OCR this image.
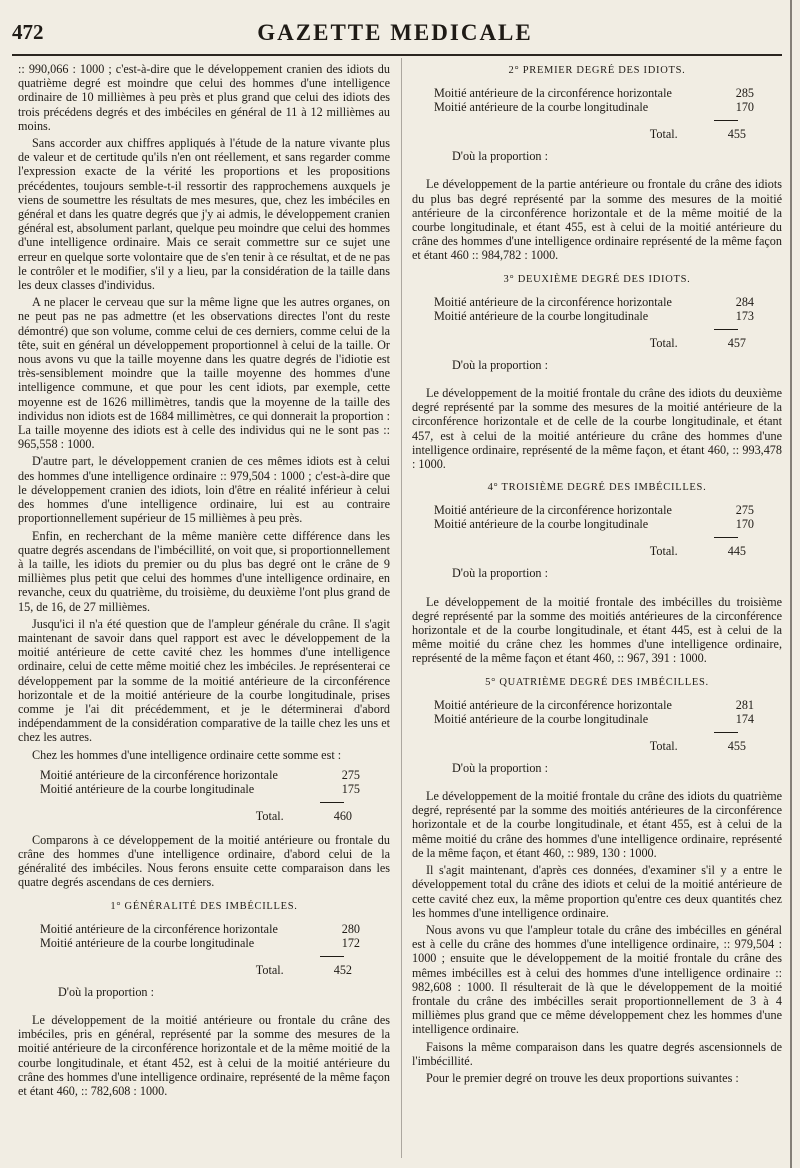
472	GAZETTE MEDICALE

:: 990,066 : 1000 ; c'est-à-dire que le développement cranien des idiots du quatrième degré est moindre que celui des hommes d'une intelligence ordinaire de 10 millièmes à peu près et plus grand que celui des idiots des trois précédens degrés et des imbéciles en général de 11 à 12 millièmes au moins.

Sans accorder aux chiffres appliqués à l'étude de la nature vivante plus de valeur et de certitude qu'ils n'en ont réellement, et sans regarder comme l'expression exacte de la vérité les proportions et les propositions précédentes, toujours semble-t-il ressortir des rapprochemens auxquels je viens de soumettre les résultats de mes mesures, que, chez les imbéciles en général et dans les quatre degrés que j'y ai admis, le développement cranien général est, absolument parlant, quelque peu moindre que celui des hommes d'une intelligence ordinaire. Mais ce serait commettre sur ce sujet une erreur en quelque sorte volontaire que de s'en tenir à ce résultat, et de ne pas le contrôler et le modifier, s'il y a lieu, par la considération de la taille dans les deux classes d'individus.

A ne placer le cerveau que sur la même ligne que les autres organes, on ne peut pas ne pas admettre (et les observations directes l'ont du reste démontré) que son volume, comme celui de ces derniers, comme celui de la tête, suit en général un développement proportionnel à celui de la taille. Or nous avons vu que la taille moyenne dans les quatre degrés de l'idiotie est très-sensiblement moindre que la taille moyenne des hommes d'une intelligence commune, et que pour les cent idiots, par exemple, cette moyenne est de 1626 millimètres, tandis que la moyenne de la taille des individus non idiots est de 1684 millimètres, ce qui donnerait la proportion : La taille moyenne des idiots est à celle des individus qui ne le sont pas :: 965,558 : 1000.

D'autre part, le développement cranien de ces mêmes idiots est à celui des hommes d'une intelligence ordinaire :: 979,504 : 1000 ; c'est-à-dire que le développement cranien des idiots, loin d'être en réalité inférieur à celui des hommes d'une intelligence ordinaire, lui est au contraire proportionnellement supérieur de 15 millièmes à peu près.

Enfin, en recherchant de la même manière cette différence dans les quatre degrés ascendans de l'imbécillité, on voit que, si proportionnellement à la taille, les idiots du premier ou du plus bas degré ont le crâne de 9 millièmes plus petit que celui des hommes d'une intelligence ordinaire, en revanche, ceux du quatrième, du troisième, du deuxième l'ont plus grand de 15, de 16, de 27 millièmes.

Jusqu'ici il n'a été question que de l'ampleur générale du crâne. Il s'agit maintenant de savoir dans quel rapport est avec le développement de la moitié antérieure de cette cavité chez les hommes d'une intelligence ordinaire, celui de cette même moitié chez les imbéciles. Je représenterai ce développement par la somme de la moitié antérieure de la circonférence horizontale et de la moitié antérieure de la courbe longitudinale, prises comme je l'ai dit précédemment, et je le déterminerai d'abord indépendamment de la considération comparative de la taille chez les uns et chez les autres.

Chez les hommes d'une intelligence ordinaire cette somme est :

Moitié antérieure de la circonférence horizontale	275
Moitié antérieure de la courbe longitudinale	175
Total.	460

Comparons à ce développement de la moitié antérieure ou frontale du crâne des hommes d'une intelligence ordinaire, d'abord celui de la généralité des imbéciles. Nous ferons ensuite cette comparaison dans les quatre degrés ascendans de ces derniers.

1° GÉNÉRALITÉ DES IMBÉCILLES.
Moitié antérieure de la circonférence horizontale	280
Moitié antérieure de la courbe longitudinale	172
Total.	452
D'où la proportion :

Le développement de la moitié antérieure ou frontale du crâne des imbéciles, pris en général, représenté par la somme des mesures de la moitié antérieure de la circonférence horizontale et de la même moitié de la courbe longitudinale, et étant 452, est à celui de la moitié antérieure du crâne des hommes d'une intelligence ordinaire, représenté de la même façon et étant 460, :: 782,608 : 1000.

2° PREMIER DEGRÉ DES IDIOTS.
Moitié antérieure de la circonférence horizontale	285
Moitié antérieure de la courbe longitudinale	170
Total.	455
D'où la proportion :

Le développement de la partie antérieure ou frontale du crâne des idiots du plus bas degré représenté par la somme des mesures de la moitié antérieure de la circonférence horizontale et de la même moitié de la courbe longitudinale, et étant 455, est à celui de la moitié antérieure du crâne des hommes d'une intelligence ordinaire représenté de la même façon et étant 460 :: 984,782 : 1000.

3° DEUXIÈME DEGRÉ DES IDIOTS.
Moitié antérieure de la circonférence horizontale	284
Moitié antérieure de la courbe longitudinale	173
Total.	457
D'où la proportion :

Le développement de la moitié frontale du crâne des idiots du deuxième degré représenté par la somme des mesures de la moitié antérieure de la circonférence horizontale et de celle de la courbe longitudinale, et étant 457, est à celui de la moitié antérieure du crâne des hommes d'une intelligence ordinaire, représenté de la même façon, et étant 460, :: 993,478 : 1000.

4° TROISIÈME DEGRÉ DES IMBÉCILLES.
Moitié antérieure de la circonférence horizontale	275
Moitié antérieure de la courbe longitudinale	170
Total.	445
D'où la proportion :

Le développement de la moitié frontale des imbécilles du troisième degré représenté par la somme des moitiés antérieures de la circonférence horizontale et de la courbe longitudinale, et étant 445, est à celui de la même moitié du crâne chez les hommes d'une intelligence ordinaire, représenté de la même façon et étant 460, :: 967, 391 : 1000.

5° QUATRIÈME DEGRÉ DES IMBÉCILLES.
Moitié antérieure de la circonférence horizontale	281
Moitié antérieure de la courbe longitudinale	174
Total.	455
D'où la proportion :

Le développement de la moitié frontale du crâne des idiots du quatrième degré, représenté par la somme des moitiés antérieures de la circonférence horizontale et de la courbe longitudinale, et étant 455, est à celui de la même moitié du crâne des hommes d'une intelligence ordinaire, représenté de la même façon, et étant 460, :: 989, 130 : 1000.

Il s'agit maintenant, d'après ces données, d'examiner s'il y a entre le développement total du crâne des idiots et celui de la moitié antérieure de cette cavité chez eux, la même proportion qu'entre ces deux quantités chez les hommes d'une intelligence ordinaire.

Nous avons vu que l'ampleur totale du crâne des imbécilles en général est à celle du crâne des hommes d'une intelligence ordinaire, :: 979,504 : 1000 ; ensuite que le développement de la moitié frontale du crâne des mêmes imbécilles est à celui des hommes d'une intelligence ordinaire :: 982,608 : 1000. Il résulterait de là que le développement de la moitié frontale du crâne des imbécilles serait proportionnellement de 3 à 4 millièmes plus grand que ce même développement chez les hommes d'une intelligence ordinaire.

Faisons la même comparaison dans les quatre degrés ascensionnels de l'imbécillité.

Pour le premier degré on trouve les deux proportions suivantes :
